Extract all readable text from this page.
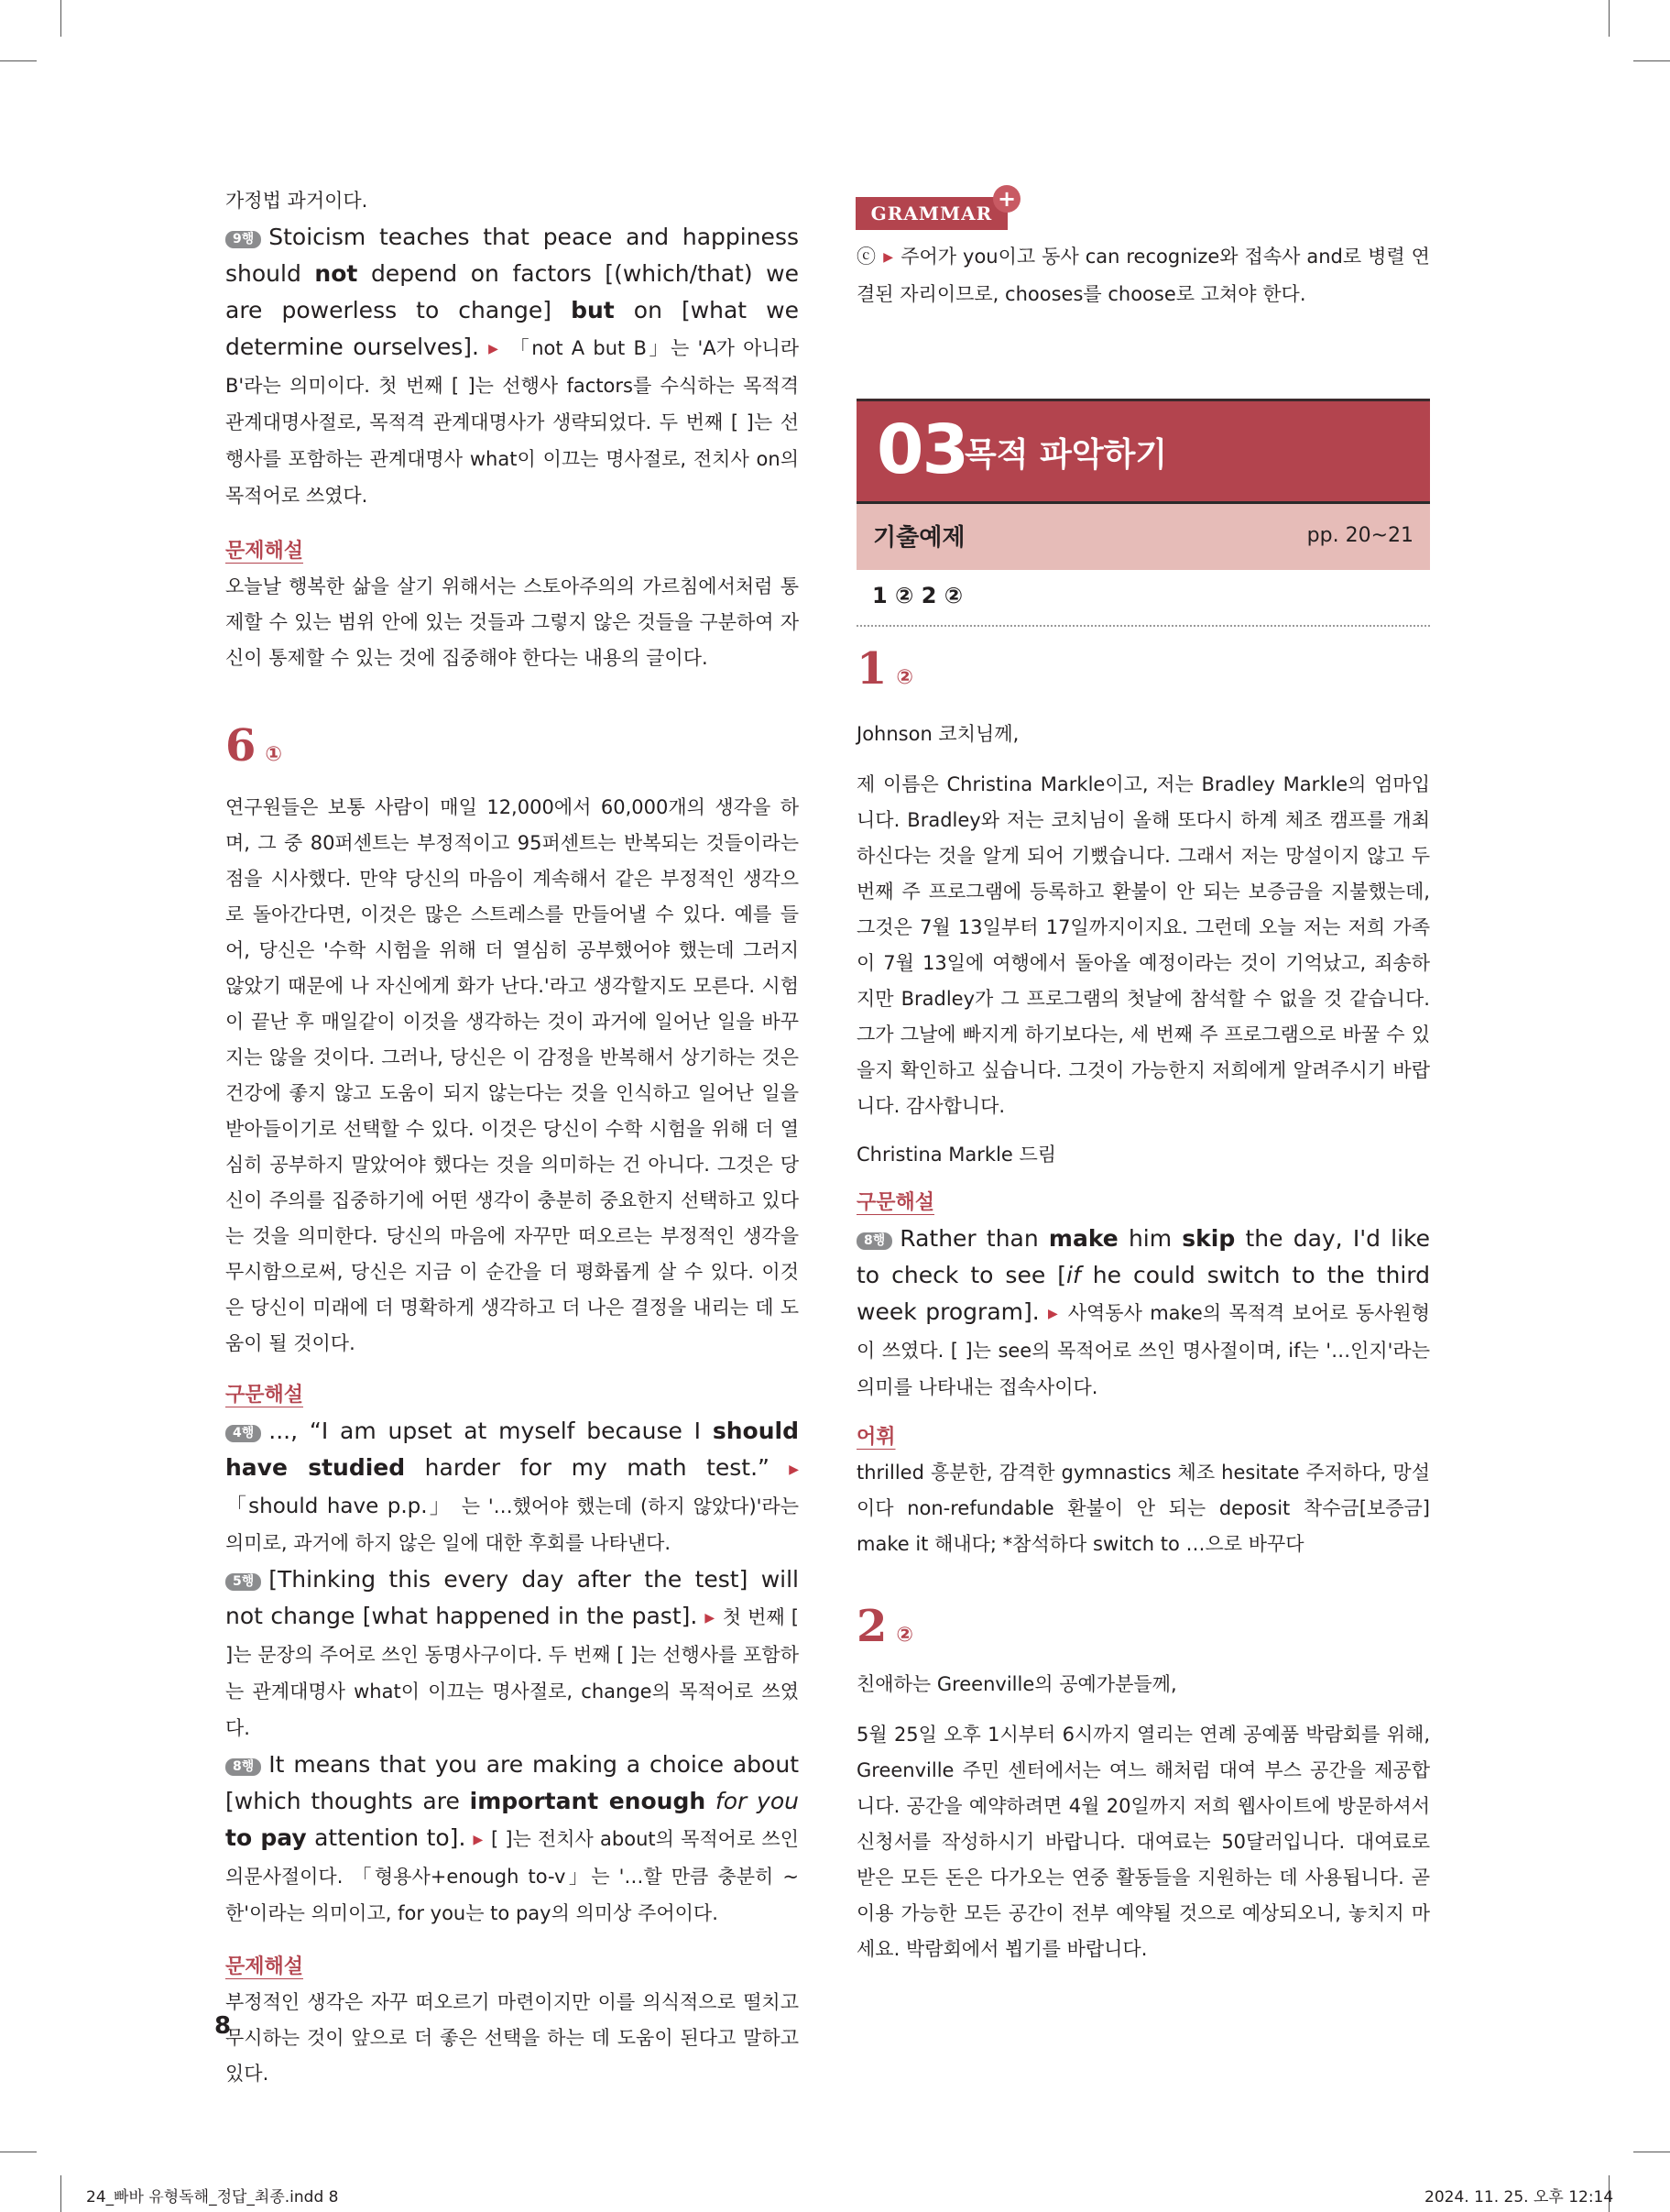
가정법 과거이다.

9행 Stoicism teaches that peace and happiness should not depend on factors [(which/that) we are powerless to change] but on [what we determine ourselves]. ▶ 「not A but B」는 'A가 아니라 B'라는 의미이다. 첫 번째 [ ]는 선행사 factors를 수식하는 목적격 관계대명사절로, 목적격 관계대명사가 생략되었다. 두 번째 [ ]는 선행사를 포함하는 관계대명사 what이 이끄는 명사절로, 전치사 on의 목적어로 쓰였다.

문제해설

오늘날 행복한 삶을 살기 위해서는 스토아주의의 가르침에서처럼 통제할 수 있는 범위 안에 있는 것들과 그렇지 않은 것들을 구분하여 자신이 통제할 수 있는 것에 집중해야 한다는 내용의 글이다.

6 ①

연구원들은 보통 사람이 매일 12,000에서 60,000개의 생각을 하며, 그 중 80퍼센트는 부정적이고 95퍼센트는 반복되는 것들이라는 점을 시사했다. 만약 당신의 마음이 계속해서 같은 부정적인 생각으로 돌아간다면, 이것은 많은 스트레스를 만들어낼 수 있다. 예를 들어, 당신은 '수학 시험을 위해 더 열심히 공부했어야 했는데 그러지 않았기 때문에 나 자신에게 화가 난다.'라고 생각할지도 모른다. 시험이 끝난 후 매일같이 이것을 생각하는 것이 과거에 일어난 일을 바꾸지는 않을 것이다. 그러나, 당신은 이 감정을 반복해서 상기하는 것은 건강에 좋지 않고 도움이 되지 않는다는 것을 인식하고 일어난 일을 받아들이기로 선택할 수 있다. 이것은 당신이 수학 시험을 위해 더 열심히 공부하지 말았어야 했다는 것을 의미하는 건 아니다. 그것은 당신이 주의를 집중하기에 어떤 생각이 충분히 중요한지 선택하고 있다는 것을 의미한다. 당신의 마음에 자꾸만 떠오르는 부정적인 생각을 무시함으로써, 당신은 지금 이 순간을 더 평화롭게 살 수 있다. 이것은 당신이 미래에 더 명확하게 생각하고 더 나은 결정을 내리는 데 도움이 될 것이다.

구문해설

4행 ..., “I am upset at myself because I should have studied harder for my math test.” ▶ 「should have p.p.」 는 '…했어야 했는데 (하지 않았다)'라는 의미로, 과거에 하지 않은 일에 대한 후회를 나타낸다.

5행 [Thinking this every day after the test] will not change [what happened in the past]. ▶ 첫 번째 [ ]는 문장의 주어로 쓰인 동명사구이다. 두 번째 [ ]는 선행사를 포함하는 관계대명사 what이 이끄는 명사절로, change의 목적어로 쓰였다.

8행 It means that you are making a choice about [which thoughts are important enough for you to pay attention to]. ▶ [ ]는 전치사 about의 목적어로 쓰인 의문사절이다. 「형용사+enough to-v」는 '…할 만큼 충분히 ~한'이라는 의미이고, for you는 to pay의 의미상 주어이다.

문제해설

부정적인 생각은 자꾸 떠오르기 마련이지만 이를 의식적으로 떨치고 무시하는 것이 앞으로 더 좋은 선택을 하는 데 도움이 된다고 말하고 있다.

GRAMMAR
+
ⓒ ▶ 주어가 you이고 동사 can recognize와 접속사 and로 병렬 연결된 자리이므로, chooses를 choose로 고쳐야 한다.
03
목적 파악하기
기출예제	pp. 20~21
1 ② 2 ②

1 ②

Johnson 코치님께,

제 이름은 Christina Markle이고, 저는 Bradley Markle의 엄마입니다. Bradley와 저는 코치님이 올해 또다시 하계 체조 캠프를 개최하신다는 것을 알게 되어 기뻤습니다. 그래서 저는 망설이지 않고 두 번째 주 프로그램에 등록하고 환불이 안 되는 보증금을 지불했는데, 그것은 7월 13일부터 17일까지이지요. 그런데 오늘 저는 저희 가족이 7월 13일에 여행에서 돌아올 예정이라는 것이 기억났고, 죄송하지만 Bradley가 그 프로그램의 첫날에 참석할 수 없을 것 같습니다. 그가 그날에 빠지게 하기보다는, 세 번째 주 프로그램으로 바꿀 수 있을지 확인하고 싶습니다. 그것이 가능한지 저희에게 알려주시기 바랍니다. 감사합니다.

Christina Markle 드림

구문해설

8행 Rather than make him skip the day, I'd like to check to see [if he could switch to the third week program]. ▶ 사역동사 make의 목적격 보어로 동사원형이 쓰였다. [ ]는 see의 목적어로 쓰인 명사절이며, if는 '…인지'라는 의미를 나타내는 접속사이다.

어휘

thrilled 흥분한, 감격한 gymnastics 체조 hesitate 주저하다, 망설이다 non-refundable 환불이 안 되는 deposit 착수금[보증금] make it 해내다; *참석하다 switch to …으로 바꾸다

2 ②

친애하는 Greenville의 공예가분들께,

5월 25일 오후 1시부터 6시까지 열리는 연례 공예품 박람회를 위해, Greenville 주민 센터에서는 여느 해처럼 대여 부스 공간을 제공합니다. 공간을 예약하려면 4월 20일까지 저희 웹사이트에 방문하셔서 신청서를 작성하시기 바랍니다. 대여료는 50달러입니다. 대여료로 받은 모든 돈은 다가오는 연중 활동들을 지원하는 데 사용됩니다. 곧 이용 가능한 모든 공간이 전부 예약될 것으로 예상되오니, 놓치지 마세요. 박람회에서 뵙기를 바랍니다.

8
24_빠바 유형독해_정답_최종.indd 8	2024. 11. 25. 오후 12:14
